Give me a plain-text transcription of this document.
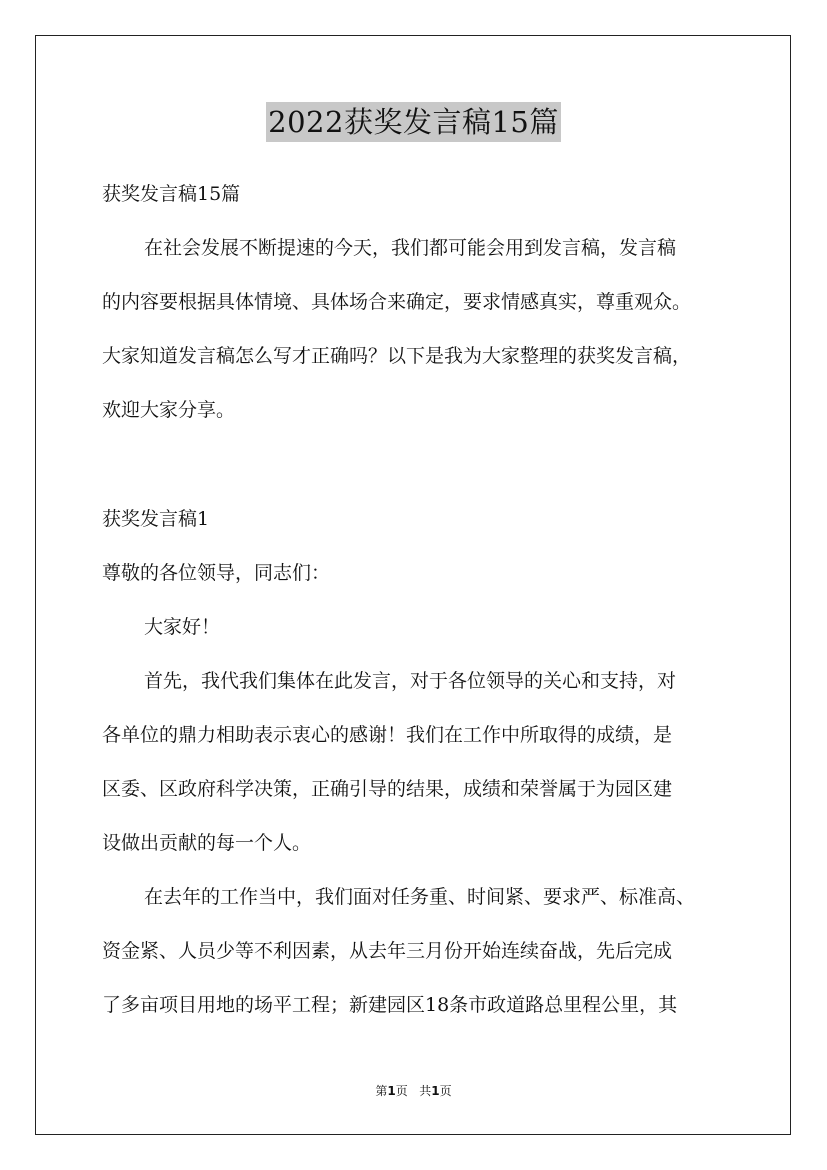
2022获奖发言稿15篇
获奖发言稿15篇
在社会发展不断提速的今天，我们都可能会用到发言稿，发言稿
的内容要根据具体情境、具体场合来确定，要求情感真实，尊重观众。
大家知道发言稿怎么写才正确吗？以下是我为大家整理的获奖发言稿，
欢迎大家分享。
获奖发言稿1
尊敬的各位领导，同志们：
大家好！
首先，我代我们集体在此发言，对于各位领导的关心和支持，对
各单位的鼎力相助表示衷心的感谢！我们在工作中所取得的成绩，是
区委、区政府科学决策，正确引导的结果，成绩和荣誉属于为园区建
设做出贡献的每一个人。
在去年的工作当中，我们面对任务重、时间紧、要求严、标准高、
资金紧、人员少等不利因素，从去年三月份开始连续奋战，先后完成
了多亩项目用地的场平工程；新建园区18条市政道路总里程公里，其
第1页 共1页
